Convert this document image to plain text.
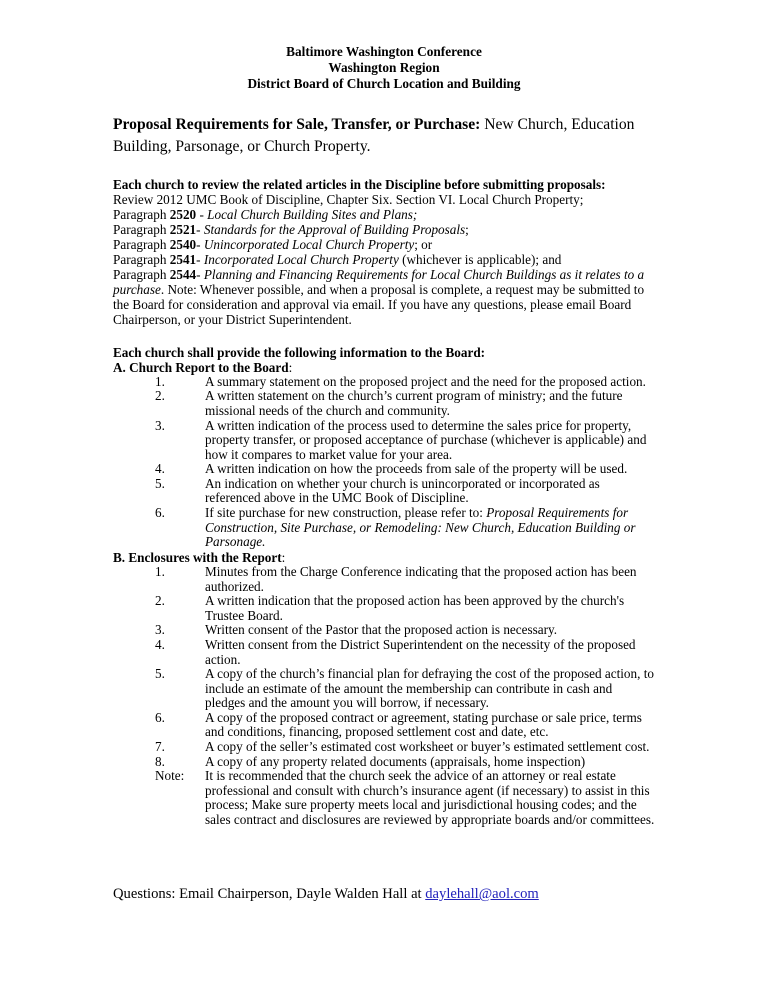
Baltimore Washington Conference
Washington Region
District Board of Church Location and Building
Proposal Requirements for Sale, Transfer, or Purchase: New Church, Education Building, Parsonage, or Church Property.
Each church to review the related articles in the Discipline before submitting proposals:
Review 2012 UMC Book of Discipline, Chapter Six. Section VI. Local Church Property;
Paragraph 2520 - Local Church Building Sites and Plans;
Paragraph 2521- Standards for the Approval of Building Proposals;
Paragraph 2540- Unincorporated Local Church Property; or
Paragraph 2541- Incorporated Local Church Property (whichever is applicable); and
Paragraph 2544- Planning and Financing Requirements for Local Church Buildings as it relates to a purchase. Note: Whenever possible, and when a proposal is complete, a request may be submitted to the Board for consideration and approval via email. If you have any questions, please email Board Chairperson, or your District Superintendent.
Each church shall provide the following information to the Board:
A. Church Report to the Board:
1.	A summary statement on the proposed project and the need for the proposed action.
2.	A written statement on the church’s current program of ministry; and the future missional needs of the church and community.
3.	A written indication of the process used to determine the sales price for property, property transfer, or proposed acceptance of purchase (whichever is applicable) and how it compares to market value for your area.
4.	A written indication on how the proceeds from sale of the property will be used.
5.	An indication on whether your church is unincorporated or incorporated as referenced above in the UMC Book of Discipline.
6.	If site purchase for new construction, please refer to: Proposal Requirements for Construction, Site Purchase, or Remodeling: New Church, Education Building or Parsonage.
B. Enclosures with the Report:
1.	Minutes from the Charge Conference indicating that the proposed action has been authorized.
2.	A written indication that the proposed action has been approved by the church's Trustee Board.
3.	Written consent of the Pastor that the proposed action is necessary.
4.	Written consent from the District Superintendent on the necessity of the proposed action.
5.	A copy of the church’s financial plan for defraying the cost of the proposed action, to include an estimate of the amount the membership can contribute in cash and pledges and the amount you will borrow, if necessary.
6.	A copy of the proposed contract or agreement, stating purchase or sale price, terms and conditions, financing, proposed settlement cost and date, etc.
7.	A copy of the seller’s estimated cost worksheet or buyer’s estimated settlement cost.
8.	A copy of any property related documents (appraisals, home inspection)
Note:	It is recommended that the church seek the advice of an attorney or real estate professional and consult with church’s insurance agent (if necessary) to assist in this process; Make sure property meets local and jurisdictional housing codes; and the sales contract and disclosures are reviewed by appropriate boards and/or committees.
Questions: Email Chairperson, Dayle Walden Hall at daylehall@aol.com
